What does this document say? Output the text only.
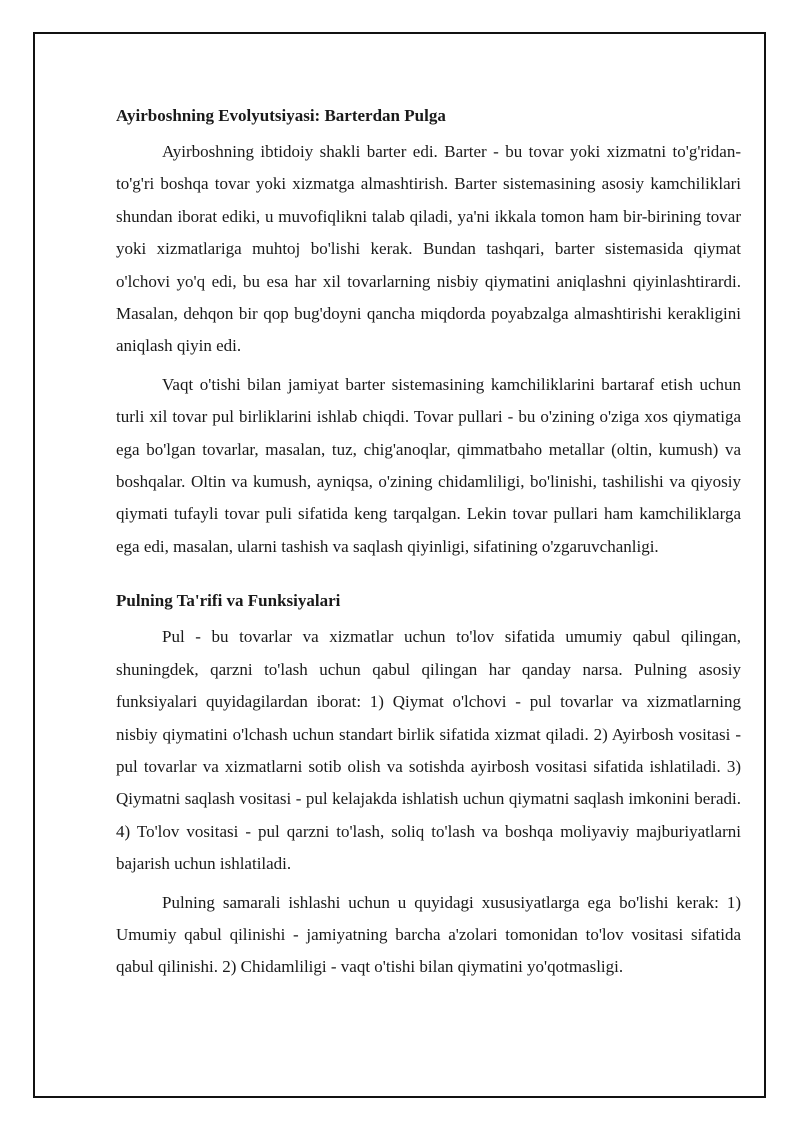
Ayirboshning Evolyutsiyasi: Barterdan Pulga

Ayirboshning ibtidoiy shakli barter edi. Barter - bu tovar yoki xizmatni to'g'ridan-to'g'ri boshqa tovar yoki xizmatga almashtirish. Barter sistemasining asosiy kamchiliklari shundan iborat ediki, u muvofiqlikni talab qiladi, ya'ni ikkala tomon ham bir-birining tovar yoki xizmatlariga muhtoj bo'lishi kerak. Bundan tashqari, barter sistemasida qiymat o'lchovi yo'q edi, bu esa har xil tovarlarning nisbiy qiymatini aniqlashni qiyinlashtirardi. Masalan, dehqon bir qop bug'doyni qancha miqdorda poyabzalga almashtirishi kerakligini aniqlash qiyin edi.

Vaqt o'tishi bilan jamiyat barter sistemasining kamchiliklarini bartaraf etish uchun turli xil tovar pul birliklarini ishlab chiqdi. Tovar pullari - bu o'zining o'ziga xos qiymatiga ega bo'lgan tovarlar, masalan, tuz, chig'anoqlar, qimmatbaho metallar (oltin, kumush) va boshqalar. Oltin va kumush, ayniqsa, o'zining chidamliligi, bo'linishi, tashilishi va qiyosiy qiymati tufayli tovar puli sifatida keng tarqalgan. Lekin tovar pullari ham kamchiliklarga ega edi, masalan, ularni tashish va saqlash qiyinligi, sifatining o'zgaruvchanligi.

Pulning Ta'rifi va Funksiyalari

Pul - bu tovarlar va xizmatlar uchun to'lov sifatida umumiy qabul qilingan, shuningdek, qarzni to'lash uchun qabul qilingan har qanday narsa. Pulning asosiy funksiyalari quyidagilardan iborat: 1) Qiymat o'lchovi - pul tovarlar va xizmatlarning nisbiy qiymatini o'lchash uchun standart birlik sifatida xizmat qiladi. 2) Ayirbosh vositasi - pul tovarlar va xizmatlarni sotib olish va sotishda ayirbosh vositasi sifatida ishlatiladi. 3) Qiymatni saqlash vositasi - pul kelajakda ishlatish uchun qiymatni saqlash imkonini beradi. 4) To'lov vositasi - pul qarzni to'lash, soliq to'lash va boshqa moliyaviy majburiyatlarni bajarish uchun ishlatiladi.

Pulning samarali ishlashi uchun u quyidagi xususiyatlarga ega bo'lishi kerak: 1) Umumiy qabul qilinishi - jamiyatning barcha a'zolari tomonidan to'lov vositasi sifatida qabul qilinishi. 2) Chidamliligi - vaqt o'tishi bilan qiymatini yo'qotmasligi.
